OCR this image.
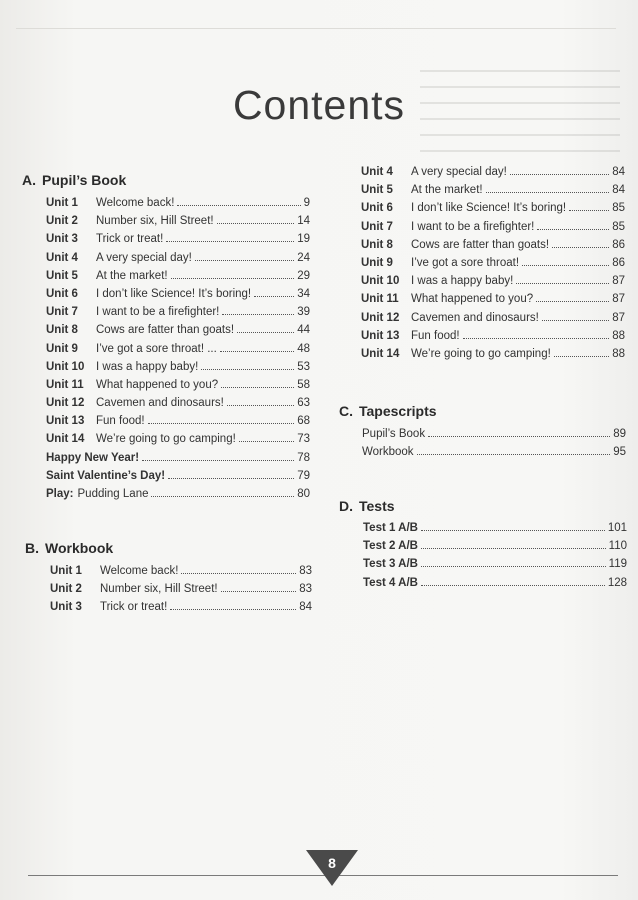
Contents
A. Pupil’s Book
Unit 1	Welcome back!	9
Unit 2	Number six, Hill Street!	14
Unit 3	Trick or treat!	19
Unit 4	A very special day!	24
Unit 5	At the market!	29
Unit 6	I don’t like Science! It’s boring!	34
Unit 7	I want to be a firefighter!	39
Unit 8	Cows are fatter than goats!	44
Unit 9	I’ve got a sore throat! ...	48
Unit 10	I was a happy baby!	53
Unit 11	What happened to you?	58
Unit 12	Cavemen and dinosaurs!	63
Unit 13	Fun food!	68
Unit 14	We’re going to go camping!	73
Happy New Year!	78
Saint Valentine’s Day!	79
Play: Pudding Lane	80
B. Workbook
Unit 1	Welcome back!	83
Unit 2	Number six, Hill Street!	83
Unit 3	Trick or treat!	84
Unit 4	A very special day!	84
Unit 5	At the market!	84
Unit 6	I don’t like Science! It’s boring!	85
Unit 7	I want to be a firefighter!	85
Unit 8	Cows are fatter than goats!	86
Unit 9	I’ve got a sore throat!	86
Unit 10	I was a happy baby!	87
Unit 11	What happened to you?	87
Unit 12	Cavemen and dinosaurs!	87
Unit 13	Fun food!	88
Unit 14	We’re going to go camping!	88
C. Tapescripts
Pupil’s Book	89
Workbook	95
D. Tests
Test 1 A/B	101
Test 2 A/B	110
Test 3 A/B	119
Test 4 A/B	128
8
